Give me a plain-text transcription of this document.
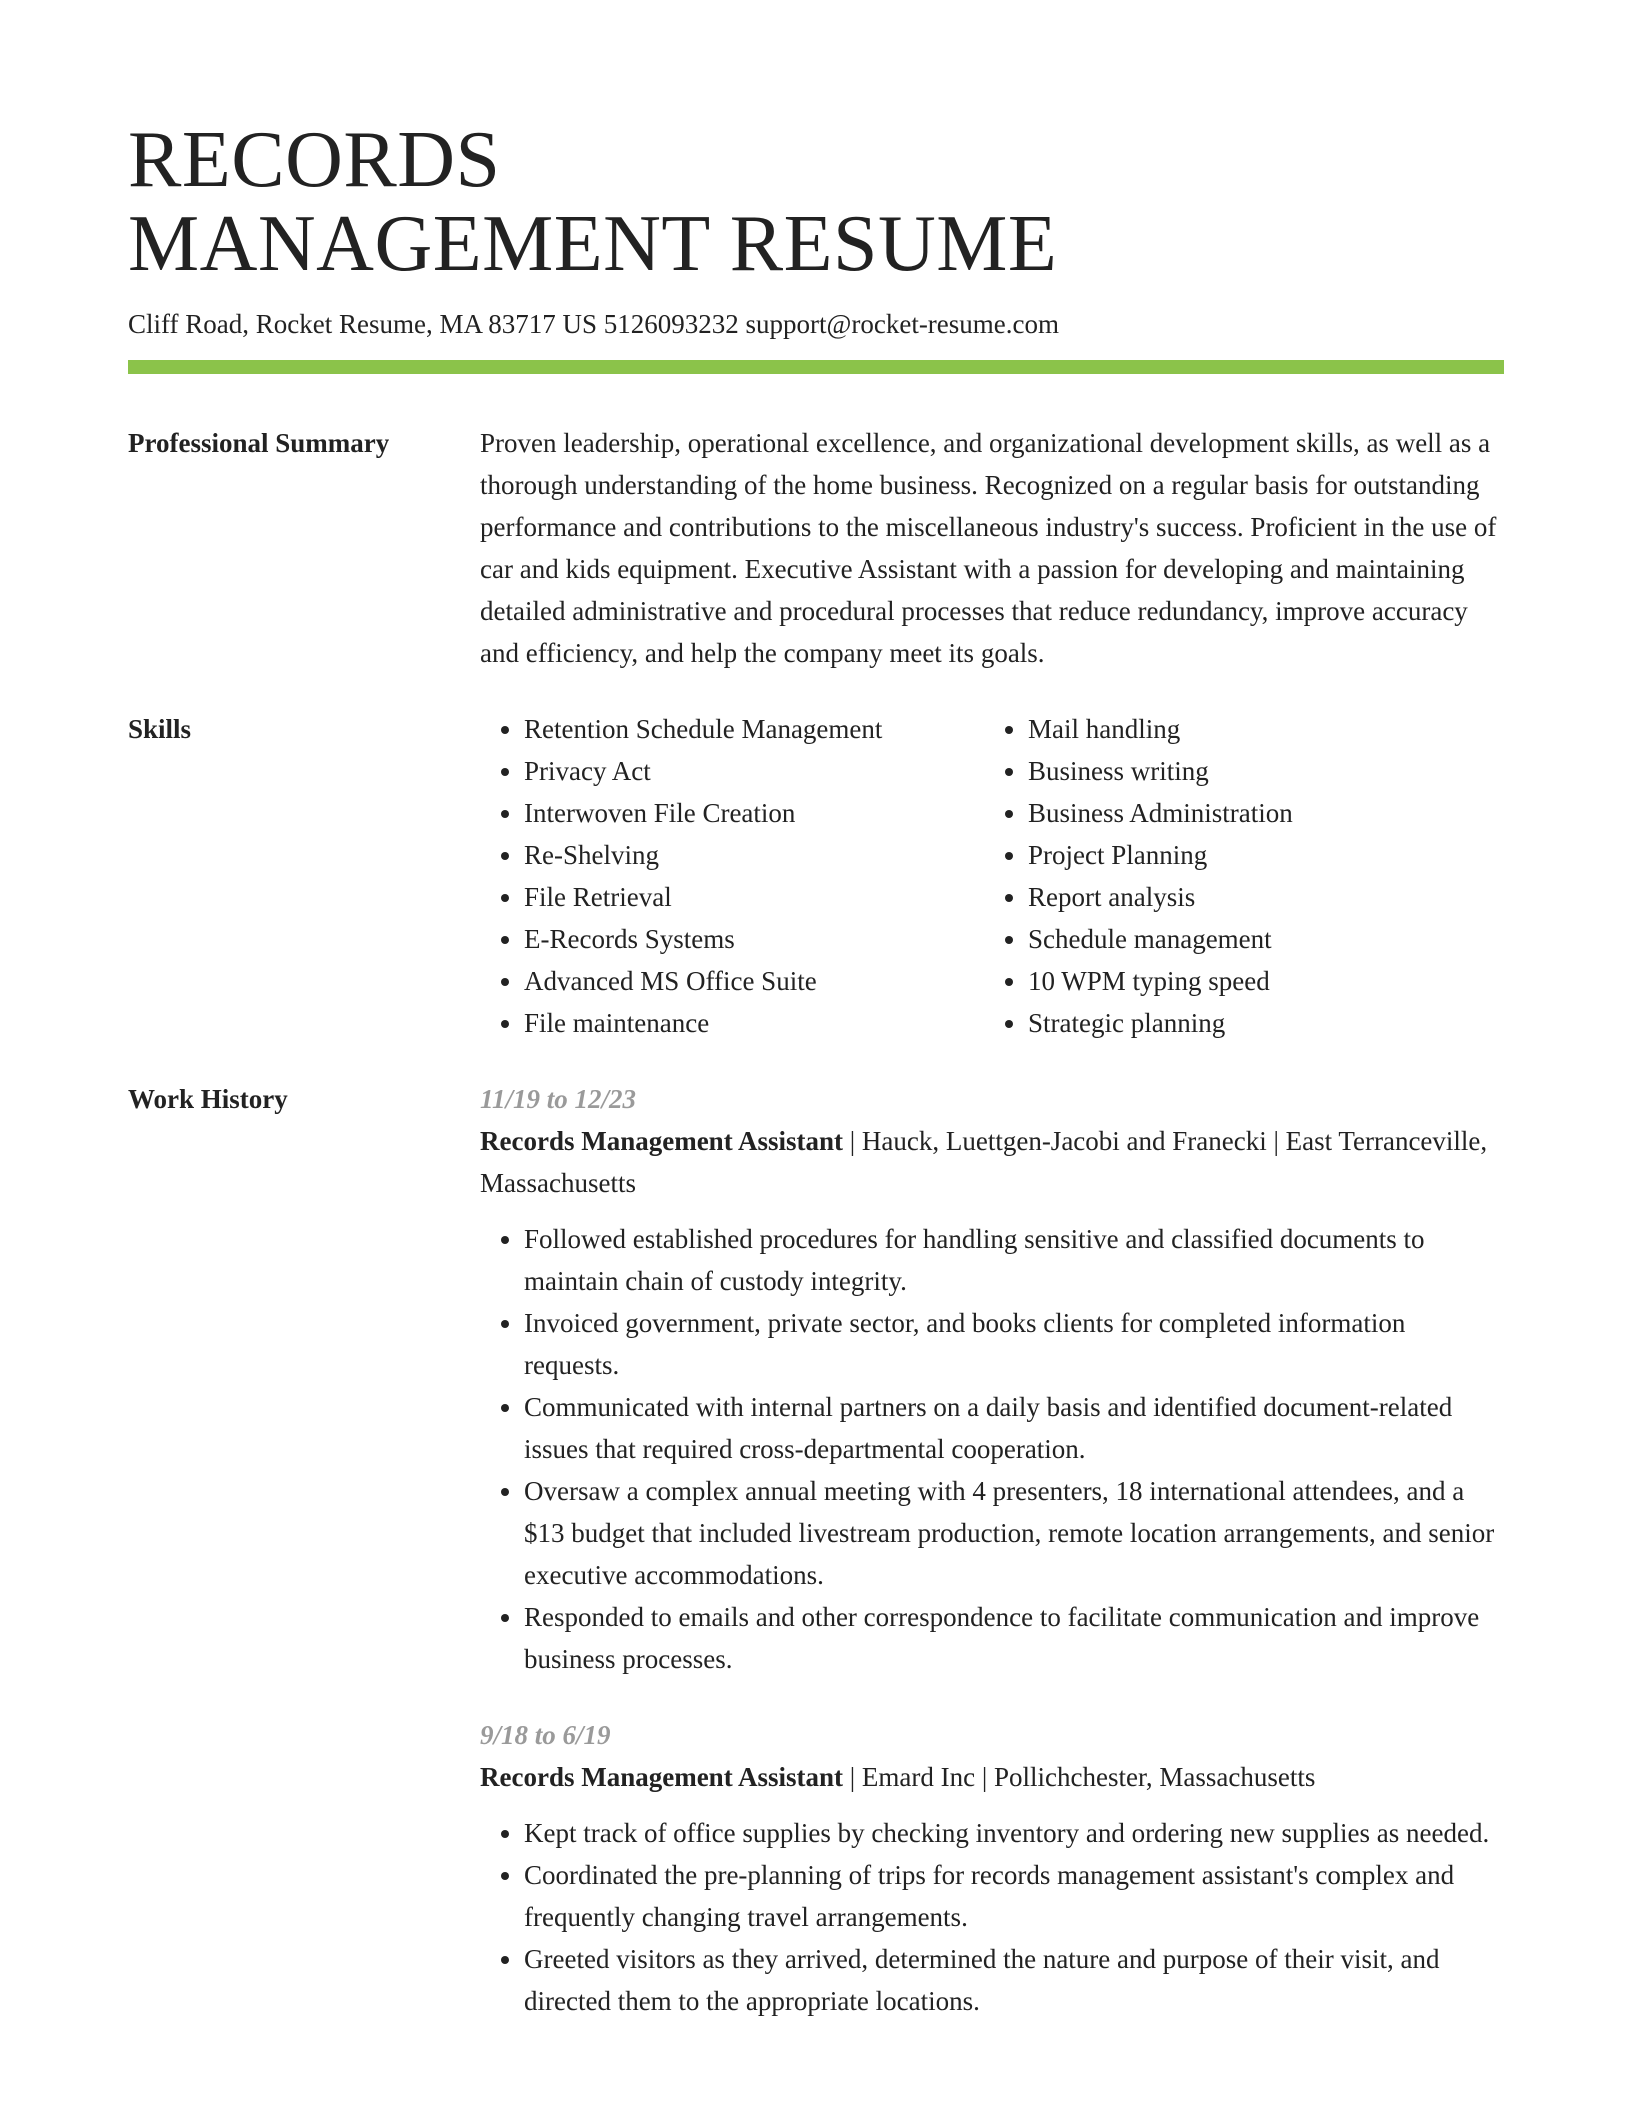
RECORDS
MANAGEMENT RESUME
Cliff Road, Rocket Resume, MA 83717 US 5126093232 support@rocket-resume.com
Professional Summary	Proven leadership, operational excellence, and organizational development skills, as well as a thorough understanding of the home business. Recognized on a regular basis for outstanding performance and contributions to the miscellaneous industry's success. Proficient in the use of car and kids equipment. Executive Assistant with a passion for developing and maintaining detailed administrative and procedural processes that reduce redundancy, improve accuracy and efficiency, and help the company meet its goals.

Skills
•	Retention Schedule Management
• Privacy Act
• Interwoven File Creation
• Re-Shelving
• File Retrieval
• E-Records Systems
• Advanced MS Office Suite
• File maintenance
• Mail handling
• Business writing
• Business Administration
• Project Planning
• Report analysis
• Schedule management
• 10 WPM typing speed
• Strategic planning
Work History	11/19 to 12/23
Records Management Assistant | Hauck, Luettgen-Jacobi and Franecki | East Terranceville, Massachusetts
• Followed established procedures for handling sensitive and classified documents to maintain chain of custody integrity.
• Invoiced government, private sector, and books clients for completed information requests.
• Communicated with internal partners on a daily basis and identified document-related issues that required cross-departmental cooperation.
• Oversaw a complex annual meeting with 4 presenters, 18 international attendees, and a $13 budget that included livestream production, remote location arrangements, and senior executive accommodations.
• Responded to emails and other correspondence to facilitate communication and improve business processes.
9/18 to 6/19
Records Management Assistant | Emard Inc | Pollichchester, Massachusetts
• Kept track of office supplies by checking inventory and ordering new supplies as needed.
• Coordinated the pre-planning of trips for records management assistant's complex and frequently changing travel arrangements.
• Greeted visitors as they arrived, determined the nature and purpose of their visit, and directed them to the appropriate locations.
